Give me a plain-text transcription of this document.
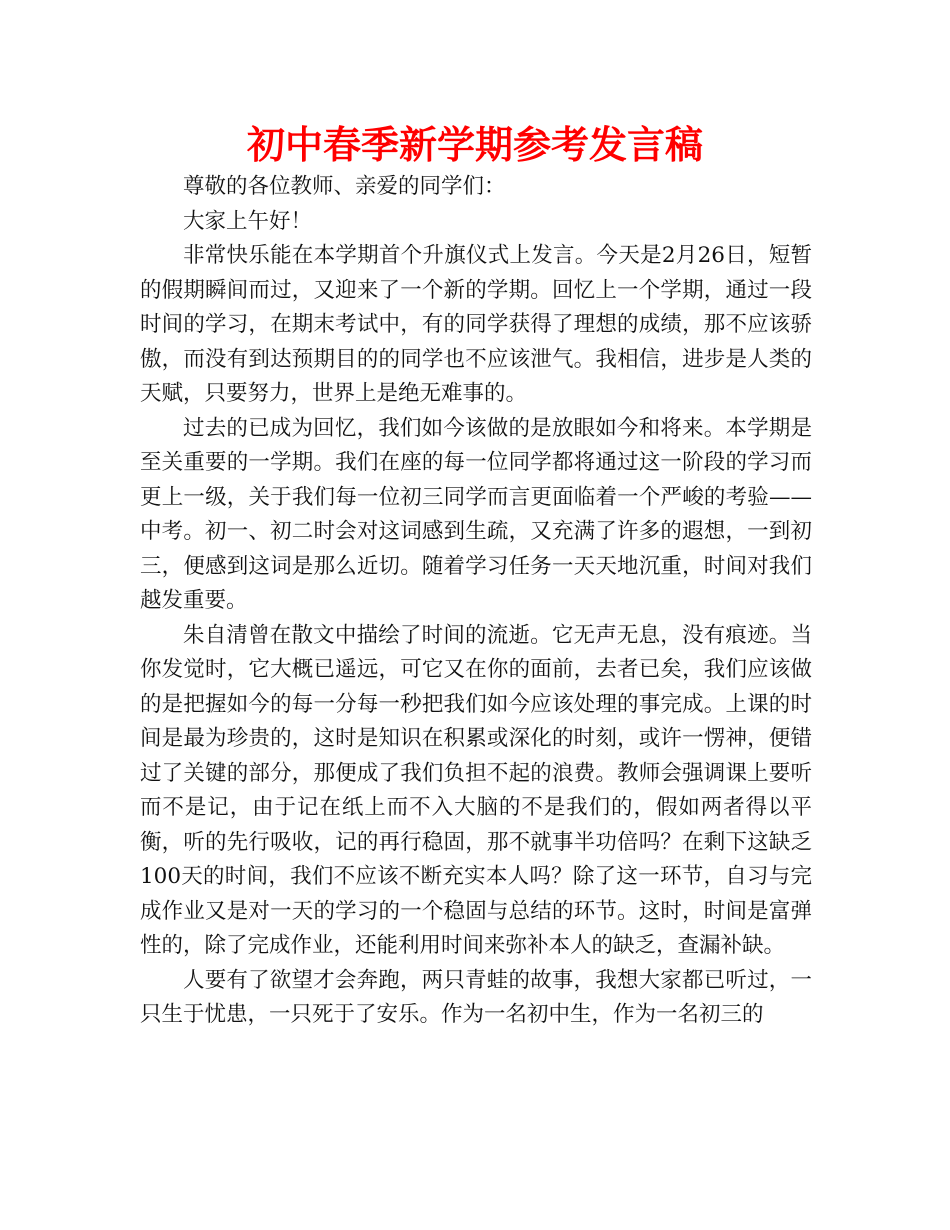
初中春季新学期参考发言稿

尊敬的各位教师、亲爱的同学们：

大家上午好！

非常快乐能在本学期首个升旗仪式上发言。今天是2月26日，短暂的假期瞬间而过，又迎来了一个新的学期。回忆上一个学期，通过一段时间的学习，在期末考试中，有的同学获得了理想的成绩，那不应该骄傲，而没有到达预期目的的同学也不应该泄气。我相信，进步是人类的天赋，只要努力，世界上是绝无难事的。

过去的已成为回忆，我们如今该做的是放眼如今和将来。本学期是至关重要的一学期。我们在座的每一位同学都将通过这一阶段的学习而更上一级，关于我们每一位初三同学而言更面临着一个严峻的考验——中考。初一、初二时会对这词感到生疏，又充满了许多的遐想，一到初三，便感到这词是那么近切。随着学习任务一天天地沉重，时间对我们越发重要。

朱自清曾在散文中描绘了时间的流逝。它无声无息，没有痕迹。当你发觉时，它大概已遥远，可它又在你的面前，去者已矣，我们应该做的是把握如今的每一分每一秒把我们如今应该处理的事完成。上课的时间是最为珍贵的，这时是知识在积累或深化的时刻，或许一愣神，便错过了关键的部分，那便成了我们负担不起的浪费。教师会强调课上要听而不是记，由于记在纸上而不入大脑的不是我们的，假如两者得以平衡，听的先行吸收，记的再行稳固，那不就事半功倍吗？在剩下这缺乏100天的时间，我们不应该不断充实本人吗？除了这一环节，自习与完成作业又是对一天的学习的一个稳固与总结的环节。这时，时间是富弹性的，除了完成作业，还能利用时间来弥补本人的缺乏，查漏补缺。

人要有了欲望才会奔跑，两只青蛙的故事，我想大家都已听过，一只生于忧患，一只死于了安乐。作为一名初中生，作为一名初三的
